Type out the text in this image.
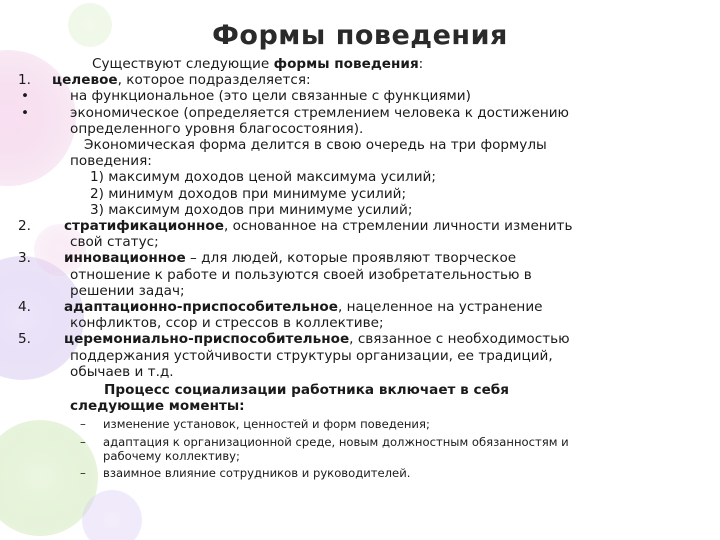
Формы поведения
Существуют следующие формы поведения:
1. целевое, которое подразделяется:
•	на функциональное (это цели связанные с функциями)
•	экономическое (определяется стремлением человека к достижению
определенного уровня благосостояния).
Экономическая форма делится в свою очередь на три формулы
поведения:
1) максимум доходов ценой максимума усилий;
2) минимум доходов при минимуме усилий;
3) максимум доходов при минимуме усилий;
2. стратификационное, основанное на стремлении личности изменить
свой статус;
3. инновационное – для людей, которые проявляют творческое
отношение к работе и пользуются своей изобретательностью в
решении задач;
4. адаптационно-приспособительное, нацеленное на устранение
конфликтов, ссор и стрессов в коллективе;
5. церемониально-приспособительное, связанное с необходимостью
поддержания устойчивости структуры организации, ее традиций,
обычаев и т.д.
Процесс социализации работника включает в себя
следующие моменты:
– изменение установок, ценностей и форм поведения;
– адаптация к организационной среде, новым должностным обязанностям и
рабочему коллективу;
– взаимное влияние сотрудников и руководителей.
